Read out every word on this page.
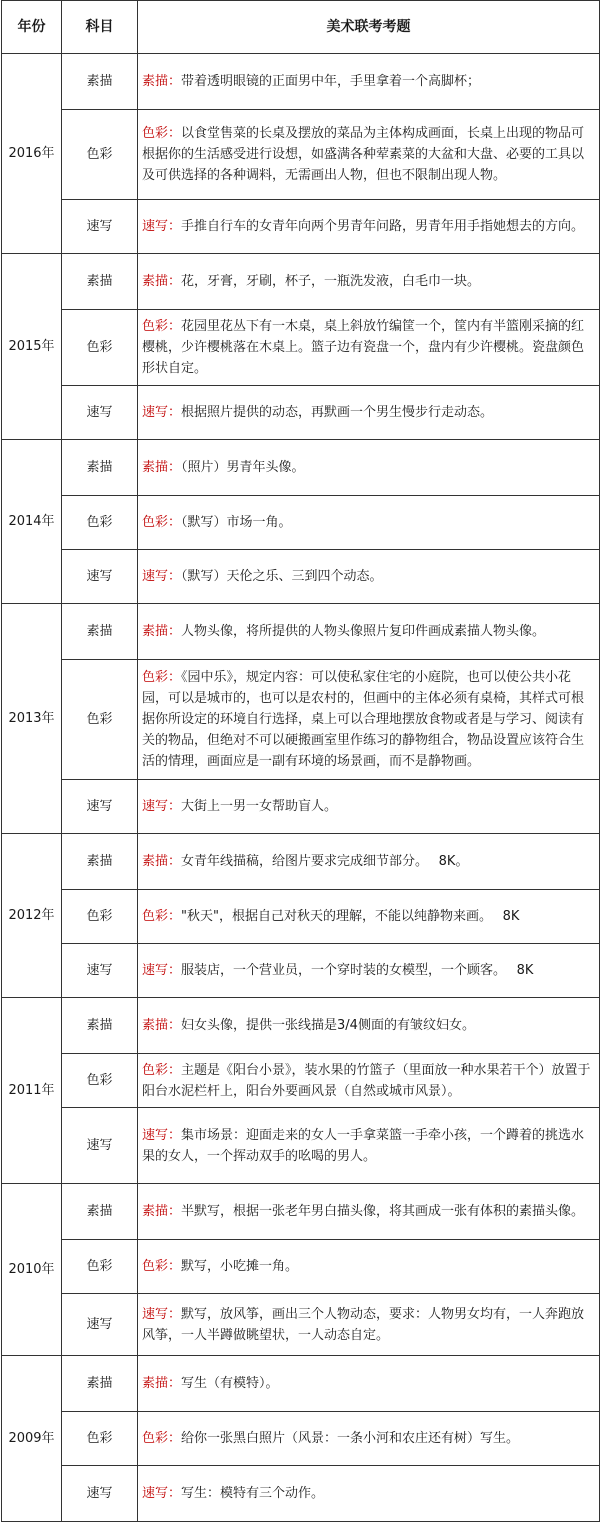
年份	科目	美术联考考题
2016年	素描	素描：带着透明眼镜的正面男中年，手里拿着一个高脚杯；
	色彩	色彩：以食堂售菜的长桌及摆放的菜品为主体构成画面，长桌上出现的物品可根据你的生活感受进行设想，如盛满各种荤素菜的大盆和大盘、必要的工具以及可供选择的各种调料，无需画出人物，但也不限制出现人物。
	速写	速写：手推自行车的女青年向两个男青年问路，男青年用手指她想去的方向。
2015年	素描	素描：花，牙膏，牙刷，杯子，一瓶洗发液，白毛巾一块。
	色彩	色彩：花园里花丛下有一木桌，桌上斜放竹编筐一个，筐内有半篮刚采摘的红樱桃，少许樱桃落在木桌上。篮子边有瓷盘一个，盘内有少许樱桃。瓷盘颜色形状自定。
	速写	速写：根据照片提供的动态，再默画一个男生慢步行走动态。
2014年	素描	素描：（照片）男青年头像。
	色彩	色彩：（默写）市场一角。
	速写	速写：（默写）天伦之乐、三到四个动态。
2013年	素描	素描：人物头像，将所提供的人物头像照片复印件画成素描人物头像。
	色彩	色彩：《园中乐》，规定内容：可以使私家住宅的小庭院，也可以使公共小花园，可以是城市的，也可以是农村的，但画中的主体必须有桌椅，其样式可根据你所设定的环境自行选择，桌上可以合理地摆放食物或者是与学习、阅读有关的物品，但绝对不可以硬搬画室里作练习的静物组合，物品设置应该符合生活的情理，画面应是一副有环境的场景画，而不是静物画。
	速写	速写：大街上一男一女帮助盲人。
2012年	素描	素描：女青年线描稿，给图片要求完成细节部分。　 8K。
	色彩	色彩："秋天"，根据自己对秋天的理解，不能以纯静物来画。　 8K
	速写	速写：服装店，一个营业员，一个穿时装的女模型，一个顾客。　 8K
2011年	素描	素描：妇女头像，提供一张线描是3/4侧面的有皱纹妇女。
	色彩	色彩：主题是《阳台小景》，装水果的竹篮子（里面放一种水果若干个）放置于阳台水泥栏杆上，阳台外要画风景（自然或城市风景）。
	速写	速写：集市场景：迎面走来的女人一手拿菜篮一手牵小孩，一个蹲着的挑选水果的女人，一个挥动双手的吆喝的男人。
2010年	素描	素描：半默写，根据一张老年男白描头像，将其画成一张有体积的素描头像。
	色彩	色彩：默写，小吃摊一角。
	速写	速写：默写，放风筝，画出三个人物动态，要求：人物男女均有，一人奔跑放风筝，一人半蹲做眺望状，一人动态自定。
2009年	素描	素描：写生（有模特）。
	色彩	色彩：给你一张黑白照片（风景：一条小河和农庄还有树）写生。
	速写	速写：写生：模特有三个动作。
